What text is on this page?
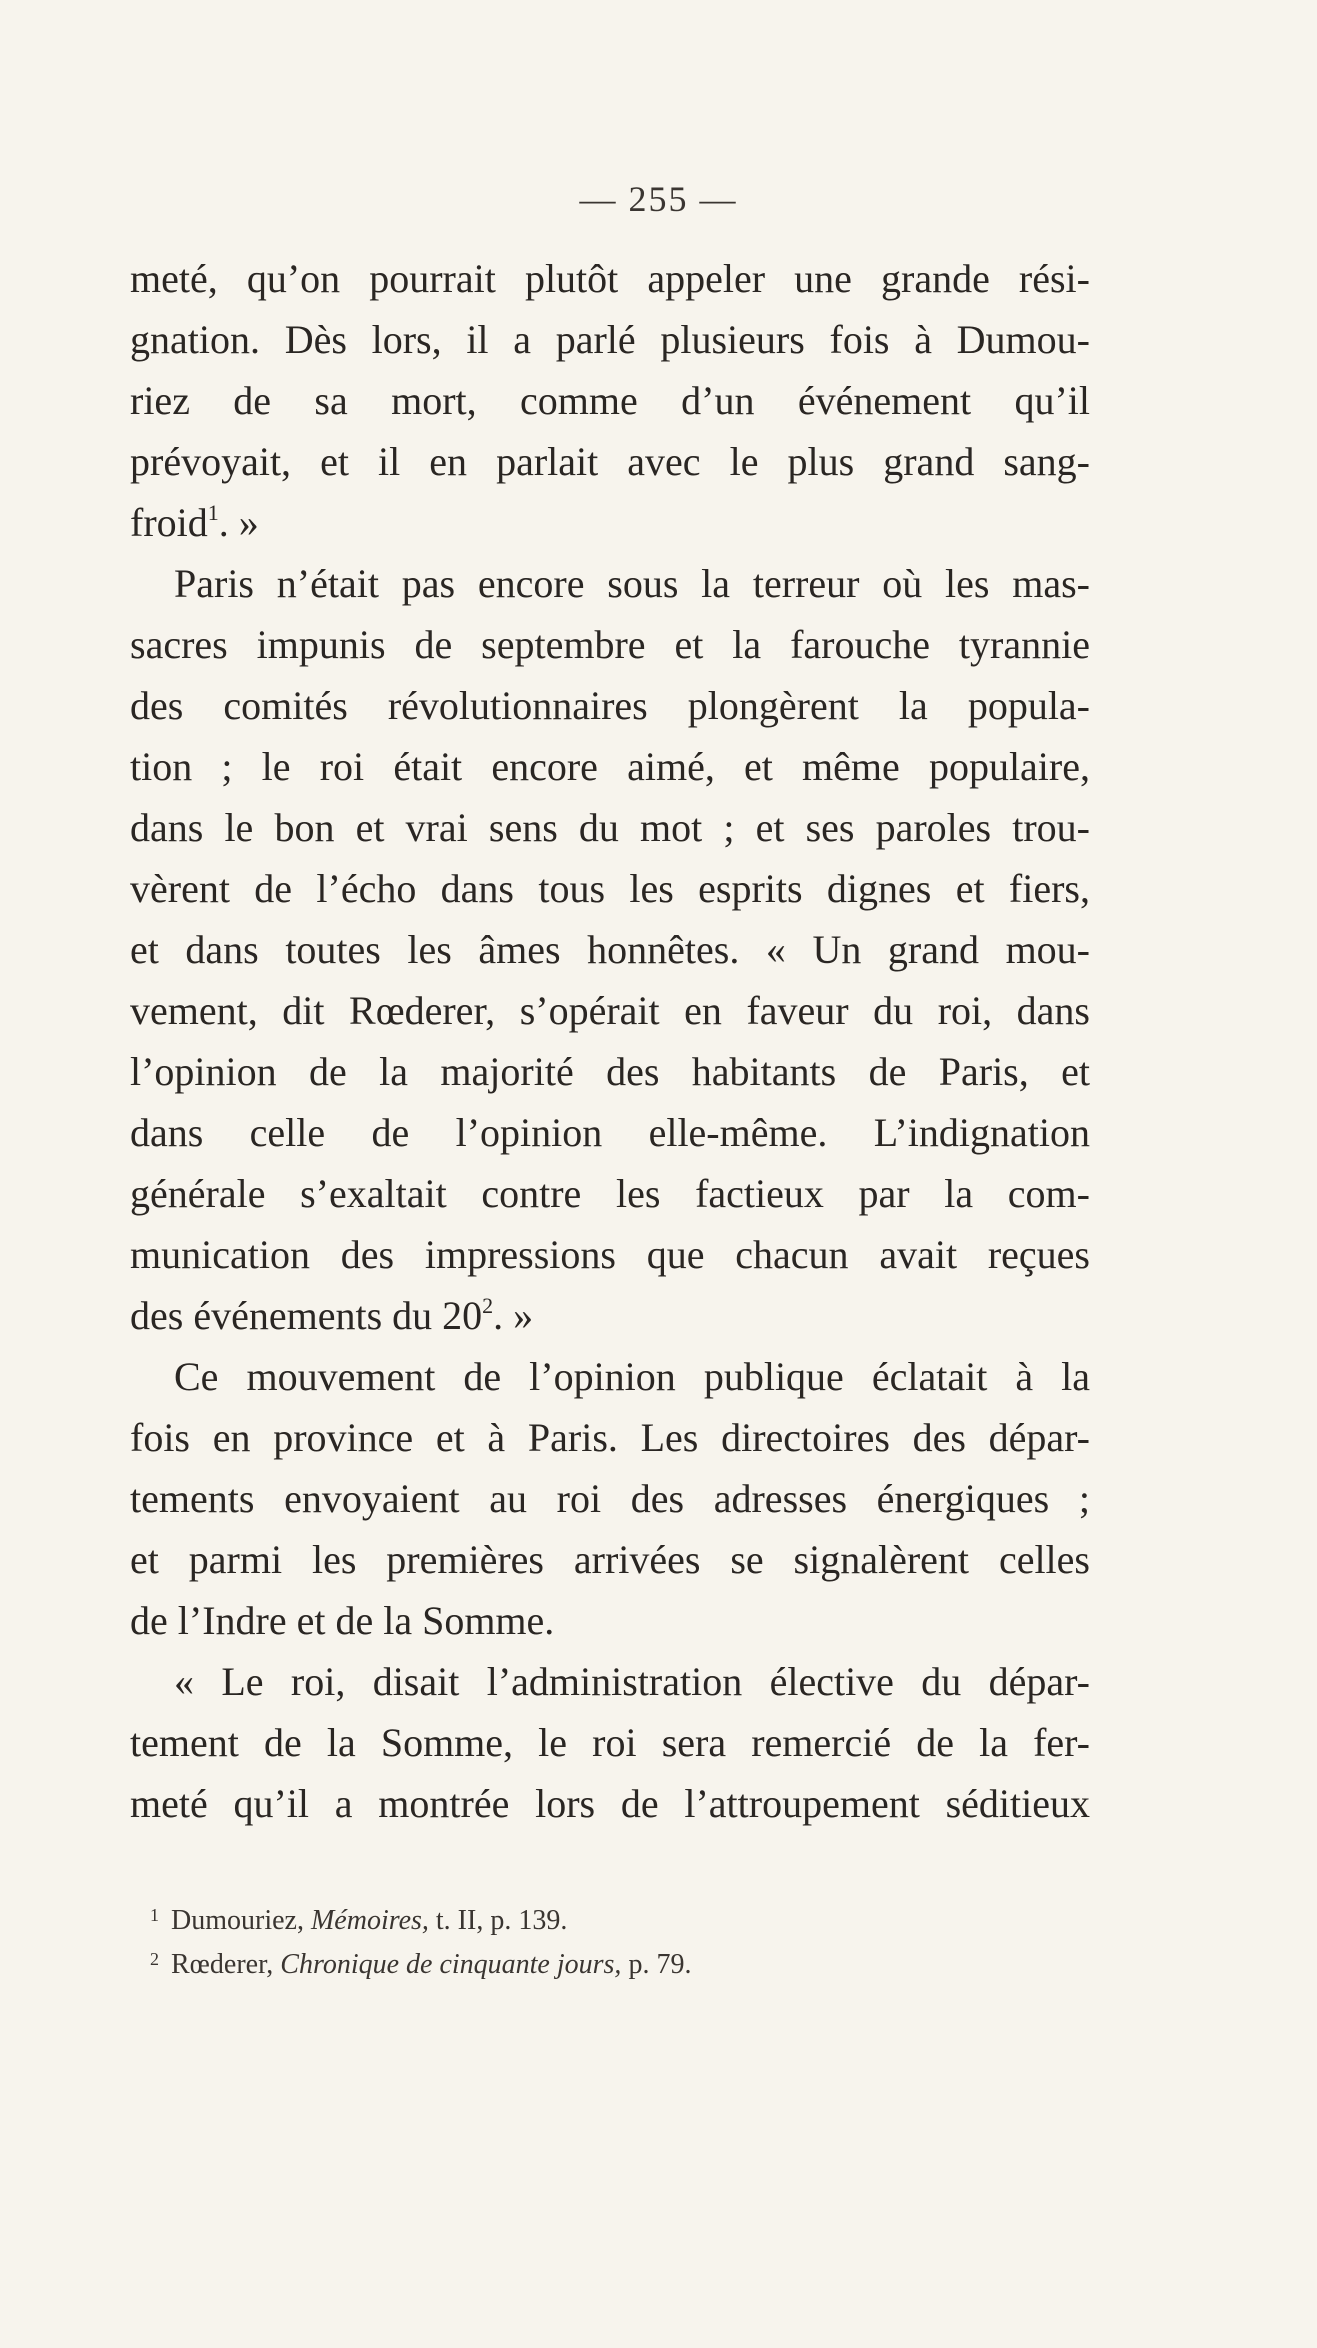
— 255 —
meté, qu’on pourrait plutôt appeler une grande rési-
gnation. Dès lors, il a parlé plusieurs fois à Dumou-
riez de sa mort, comme d’un événement qu’il
prévoyait, et il en parlait avec le plus grand sang-
froid$^1$. »
Paris n’était pas encore sous la terreur où les mas-
sacres impunis de septembre et la farouche tyrannie
des comités révolutionnaires plongèrent la popula-
tion ; le roi était encore aimé, et même populaire,
dans le bon et vrai sens du mot ; et ses paroles trou-
vèrent de l’écho dans tous les esprits dignes et fiers,
et dans toutes les âmes honnêtes. « Un grand mou-
vement, dit Rœderer, s’opérait en faveur du roi, dans
l’opinion de la majorité des habitants de Paris, et
dans celle de l’opinion elle-même. L’indignation
générale s’exaltait contre les factieux par la com-
munication des impressions que chacun avait reçues
des événements du $20^2$. »
Ce mouvement de l’opinion publique éclatait à la
fois en province et à Paris. Les directoires des dépar-
tements envoyaient au roi des adresses énergiques ;
et parmi les premières arrivées se signalèrent celles
de l’Indre et de la Somme.
« Le roi, disait l’administration élective du dépar-
tement de la Somme, le roi sera remercié de la fer-
meté qu’il a montrée lors de l’attroupement séditieux
$^1$ Dumouriez, Mémoires, t. II, p. 139.
$^2$ Rœderer, Chronique de cinquante jours, p. 79.
